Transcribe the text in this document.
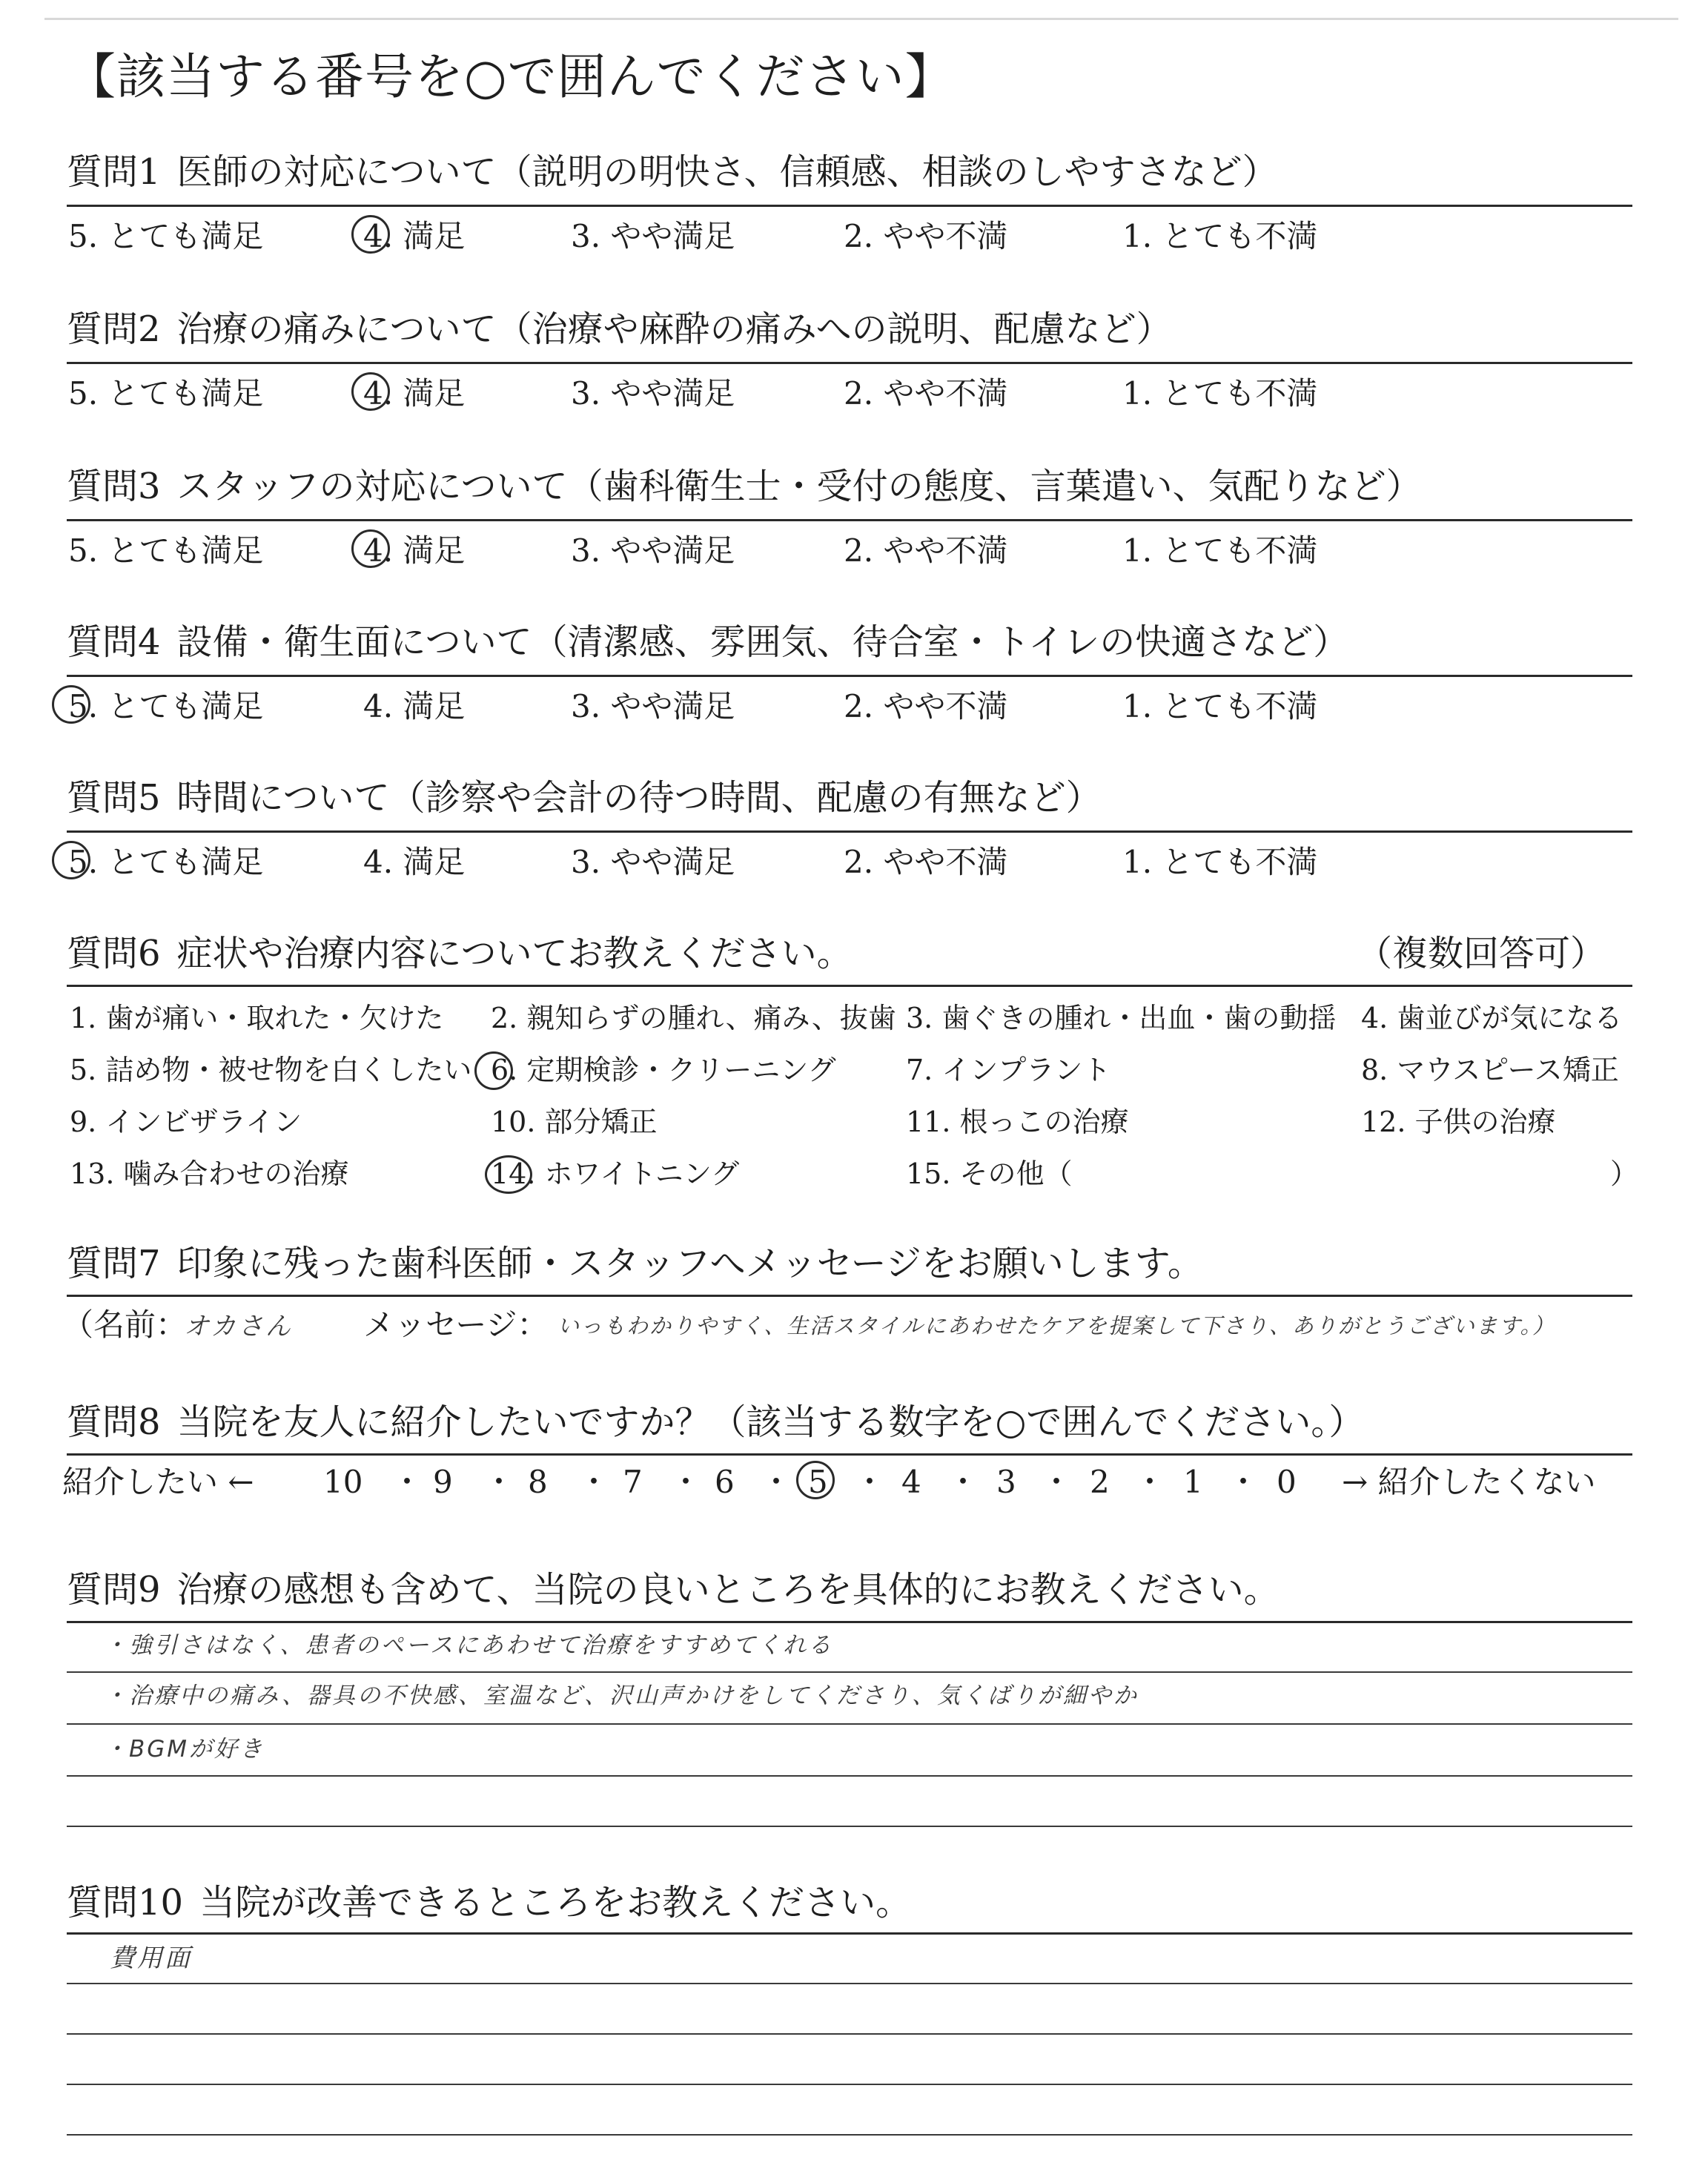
【該当する番号を○で囲んでください】
質問1 医師の対応について（説明の明快さ、信頼感、相談のしやすさなど）
5. とても満足	4. 満足	3. やや満足	2. やや不満	1. とても不満
質問2 治療の痛みについて（治療や麻酔の痛みへの説明、配慮など）
5. とても満足	4. 満足	3. やや満足	2. やや不満	1. とても不満
質問3 スタッフの対応について（歯科衛生士・受付の態度、言葉遣い、気配りなど）
5. とても満足	4. 満足	3. やや満足	2. やや不満	1. とても不満
質問4 設備・衛生面について（清潔感、雰囲気、待合室・トイレの快適さなど）
5. とても満足	4. 満足	3. やや満足	2. やや不満	1. とても不満
質問5 時間について（診察や会計の待つ時間、配慮の有無など）
5. とても満足	4. 満足	3. やや満足	2. やや不満	1. とても不満
質問6 症状や治療内容についてお教えください。	（複数回答可）
1. 歯が痛い・取れた・欠けた 2. 親知らずの腫れ、痛み、抜歯 3. 歯ぐきの腫れ・出血・歯の動揺 4. 歯並びが気になる
5. 詰め物・被せ物を白くしたい 6. 定期検診・クリーニング 7. インプラント	8. マウスピース矯正
9. インビザライン	10. 部分矯正	11. 根っこの治療	12. 子供の治療
13. 噛み合わせの治療	14. ホワイトニング	15. その他（	）
質問7 印象に残った歯科医師・スタッフへメッセージをお願いします。
（名前：
オカさん メッセージ： いっもわかりやすく、生活スタイルにあわせたケアを提案して下さり、ありがとうございます。）
質問8 当院を友人に紹介したいですか？（該当する数字を○で囲んでください。）
紹介したい ← 10 ・ 9 ・ 8 ・ 7 ・ 6 ・ 5 ・ 4 ・ 3 ・ 2 ・ 1 ・ 0 → 紹介したくない
質問9 治療の感想も含めて、当院の良いところを具体的にお教えください。
・強引さはなく、患者のペースにあわせて治療をすすめてくれる
・治療中の痛み、器具の不快感、室温など、沢山声かけをしてくださり、気くばりが細やか
・BGMが好き
質問10 当院が改善できるところをお教えください。
費用面
